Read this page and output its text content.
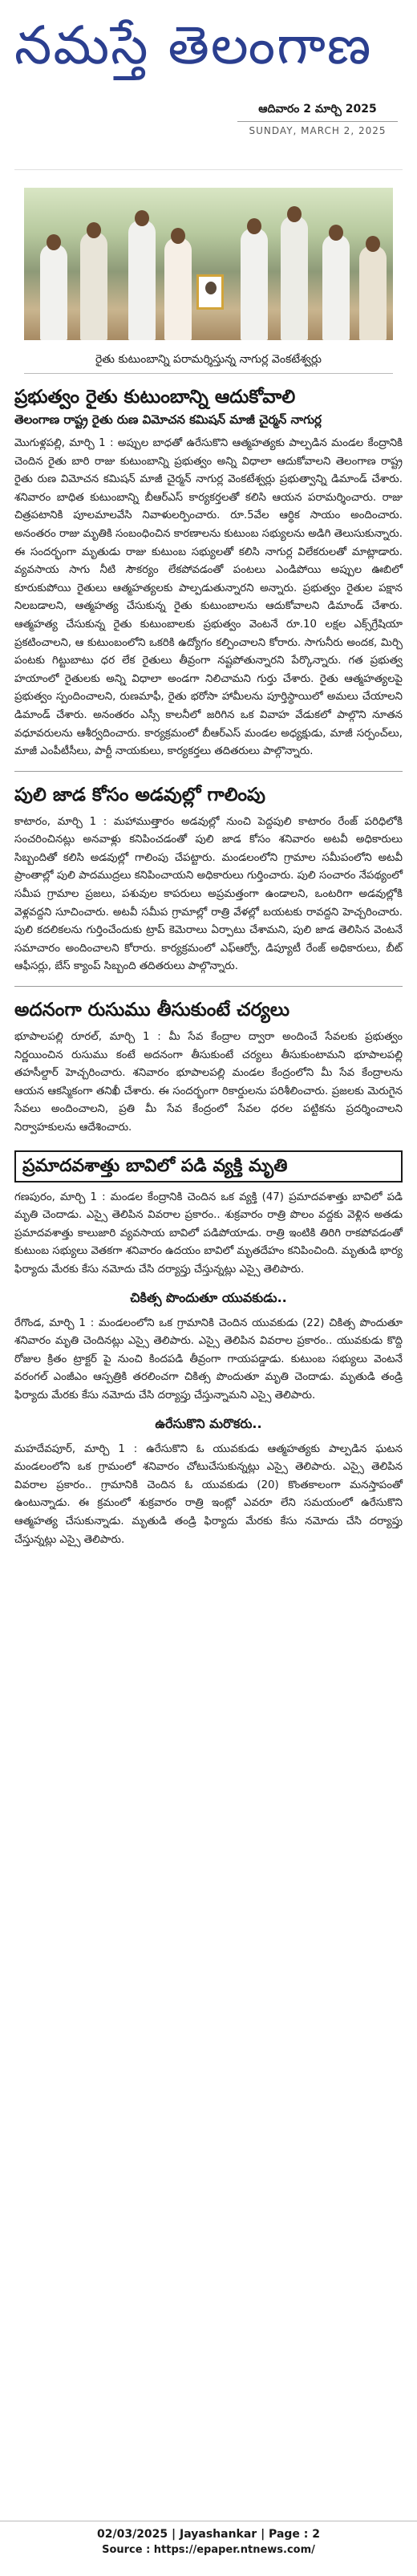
నమస్తే తెలంగాణ
ఆదివారం 2 మార్చి 2025
SUNDAY, MARCH 2, 2025
రైతు కుటుంబాన్ని పరామర్శిస్తున్న నాగుర్ల వెంకటేశ్వర్లు
ప్రభుత్వం రైతు కుటుంబాన్ని ఆదుకోవాలి
తెలంగాణ రాష్ట్ర రైతు రుణ విమోచన కమిషన్ మాజీ చైర్మన్ నాగుర్ల
మొగుళ్లపల్లి, మార్చి 1 : అప్పుల బాధతో ఉరేసుకొని ఆత్మహత్యకు పాల్పడిన మండల కేంద్రానికి చెందిన రైతు బారి రాజు కుటుంబాన్ని ప్రభుత్వం అన్ని విధాలా ఆదుకోవాలని తెలంగాణ రాష్ట్ర రైతు రుణ విమోచన కమిషన్ మాజీ చైర్మన్ నాగుర్ల వెంకటేశ్వర్లు ప్రభుత్వాన్ని డిమాండ్ చేశారు. శనివారం బాధిత కుటుంబాన్ని బీఆర్ఎస్ కార్యకర్తలతో కలిసి ఆయన పరామర్శించారు. రాజు చిత్రపటానికి పూలమాలవేసి నివాళులర్పించారు. రూ.5వేల ఆర్థిక సాయం అందించారు. అనంతరం రాజు మృతికి సంబంధించిన కారణాలను కుటుంబ సభ్యులను అడిగి తెలుసుకున్నారు. ఈ సందర్భంగా మృతుడు రాజు కుటుంబ సభ్యులతో కలిసి నాగుర్ల విలేకరులతో మాట్లాడారు. వ్యవసాయ సాగు నీటి సౌకర్యం లేకపోవడంతో పంటలు ఎండిపోయి అప్పుల ఊబిలో కూరుకుపోయి రైతులు ఆత్మహత్యలకు పాల్పడుతున్నారని అన్నారు. ప్రభుత్వం రైతుల పక్షాన నిలబడాలని, ఆత్మహత్య చేసుకున్న రైతు కుటుంబాలను ఆదుకోవాలని డిమాండ్ చేశారు. ఆత్మహత్య చేసుకున్న రైతు కుటుంబాలకు ప్రభుత్వం వెంటనే రూ.10 లక్షల ఎక్స్‌గ్రేషియా ప్రకటించాలని, ఆ కుటుంబంలోని ఒకరికి ఉద్యోగం కల్పించాలని కోరారు. సాగునీరు అందక, మిర్చి పంటకు గిట్టుబాటు ధర లేక రైతులు తీవ్రంగా నష్టపోతున్నారని పేర్కొన్నారు. గత ప్రభుత్వ హయాంలో రైతులకు అన్ని విధాలా అండగా నిలిచామని గుర్తు చేశారు. రైతు ఆత్మహత్యలపై ప్రభుత్వం స్పందించాలని, రుణమాఫీ, రైతు భరోసా హామీలను పూర్తిస్థాయిలో అమలు చేయాలని డిమాండ్ చేశారు. అనంతరం ఎస్సీ కాలనీలో జరిగిన ఒక వివాహ వేడుకలో పాల్గొని నూతన వధూవరులను ఆశీర్వదించారు. కార్యక్రమంలో బీఆర్ఎస్ మండల అధ్యక్షుడు, మాజీ సర్పంచ్‌లు, మాజీ ఎంపీటీసీలు, పార్టీ నాయకులు, కార్యకర్తలు తదితరులు పాల్గొన్నారు.
పులి జాడ కోసం అడవుల్లో గాలింపు
కాటారం, మార్చి 1 : మహాముత్తారం అడవుల్లో నుంచి పెద్దపులి కాటారం రేంజ్ పరిధిలోకి సంచరించినట్లు అనవాళ్లు కనిపించడంతో పులి జాడ కోసం శనివారం అటవీ అధికారులు సిబ్బందితో కలిసి అడవుల్లో గాలింపు చేపట్టారు. మండలంలోని గ్రామాల సమీపంలోని అటవీ ప్రాంతాల్లో పులి పాదముద్రలు కనిపించాయని అధికారులు గుర్తించారు. పులి సంచారం నేపథ్యంలో సమీప గ్రామాల ప్రజలు, పశువుల కాపరులు అప్రమత్తంగా ఉండాలని, ఒంటరిగా అడవుల్లోకి వెళ్లవద్దని సూచించారు. అటవీ సమీప గ్రామాల్లో రాత్రి వేళల్లో బయటకు రావద్దని హెచ్చరించారు. పులి కదలికలను గుర్తించేందుకు ట్రాప్ కెమెరాలు ఏర్పాటు చేశామని, పులి జాడ తెలిసిన వెంటనే సమాచారం అందించాలని కోరారు. కార్యక్రమంలో ఎఫ్‌ఆర్వో, డిప్యూటీ రేంజ్ అధికారులు, బీట్ ఆఫీసర్లు, బేస్ క్యాంప్ సిబ్బంది తదితరులు పాల్గొన్నారు.
అదనంగా రుసుము తీసుకుంటే చర్యలు
భూపాలపల్లి రూరల్, మార్చి 1 : మీ సేవ కేంద్రాల ద్వారా అందించే సేవలకు ప్రభుత్వం నిర్ణయించిన రుసుము కంటే అదనంగా తీసుకుంటే చర్యలు తీసుకుంటామని భూపాలపల్లి తహసీల్దార్ హెచ్చరించారు. శనివారం భూపాలపల్లి మండల కేంద్రంలోని మీ సేవ కేంద్రాలను ఆయన ఆకస్మికంగా తనిఖీ చేశారు. ఈ సందర్భంగా రికార్డులను పరిశీలించారు. ప్రజలకు మెరుగైన సేవలు అందించాలని, ప్రతి మీ సేవ కేంద్రంలో సేవల ధరల పట్టికను ప్రదర్శించాలని నిర్వాహకులను ఆదేశించారు.
ప్రమాదవశాత్తు బావిలో పడి వ్యక్తి మృతి
గణపురం, మార్చి 1 : మండల కేంద్రానికి చెందిన ఒక వ్యక్తి (47) ప్రమాదవశాత్తు బావిలో పడి మృతి చెందాడు. ఎస్సై తెలిపిన వివరాల ప్రకారం.. శుక్రవారం రాత్రి పొలం వద్దకు వెళ్లిన అతడు ప్రమాదవశాత్తు కాలుజారి వ్యవసాయ బావిలో పడిపోయాడు. రాత్రి ఇంటికి తిరిగి రాకపోవడంతో కుటుంబ సభ్యులు వెతకగా శనివారం ఉదయం బావిలో మృతదేహం కనిపించింది. మృతుడి భార్య ఫిర్యాదు మేరకు కేసు నమోదు చేసి దర్యాప్తు చేస్తున్నట్లు ఎస్సై తెలిపారు.
చికిత్స పొందుతూ యువకుడు..
రేగొండ, మార్చి 1 : మండలంలోని ఒక గ్రామానికి చెందిన యువకుడు (22) చికిత్స పొందుతూ శనివారం మృతి చెందినట్లు ఎస్సై తెలిపారు. ఎస్సై తెలిపిన వివరాల ప్రకారం.. యువకుడు కొద్ది రోజుల క్రితం ట్రాక్టర్ పై నుంచి కిందపడి తీవ్రంగా గాయపడ్డాడు. కుటుంబ సభ్యులు వెంటనే వరంగల్ ఎంజీఎం ఆస్పత్రికి తరలించగా చికిత్స పొందుతూ మృతి చెందాడు. మృతుడి తండ్రి ఫిర్యాదు మేరకు కేసు నమోదు చేసి దర్యాప్తు చేస్తున్నామని ఎస్సై తెలిపారు.
ఉరేసుకొని మరొకరు..
మహదేవపూర్, మార్చి 1 : ఉరేసుకొని ఓ యువకుడు ఆత్మహత్యకు పాల్పడిన ఘటన మండలంలోని ఒక గ్రామంలో శనివారం చోటుచేసుకున్నట్లు ఎస్సై తెలిపారు. ఎస్సై తెలిపిన వివరాల ప్రకారం.. గ్రామానికి చెందిన ఓ యువకుడు (20) కొంతకాలంగా మనస్తాపంతో ఉంటున్నాడు. ఈ క్రమంలో శుక్రవారం రాత్రి ఇంట్లో ఎవరూ లేని సమయంలో ఉరేసుకొని ఆత్మహత్య చేసుకున్నాడు. మృతుడి తండ్రి ఫిర్యాదు మేరకు కేసు నమోదు చేసి దర్యాప్తు చేస్తున్నట్లు ఎస్సై తెలిపారు.
02/03/2025 | Jayashankar | Page : 2
Source : https://epaper.ntnews.com/
